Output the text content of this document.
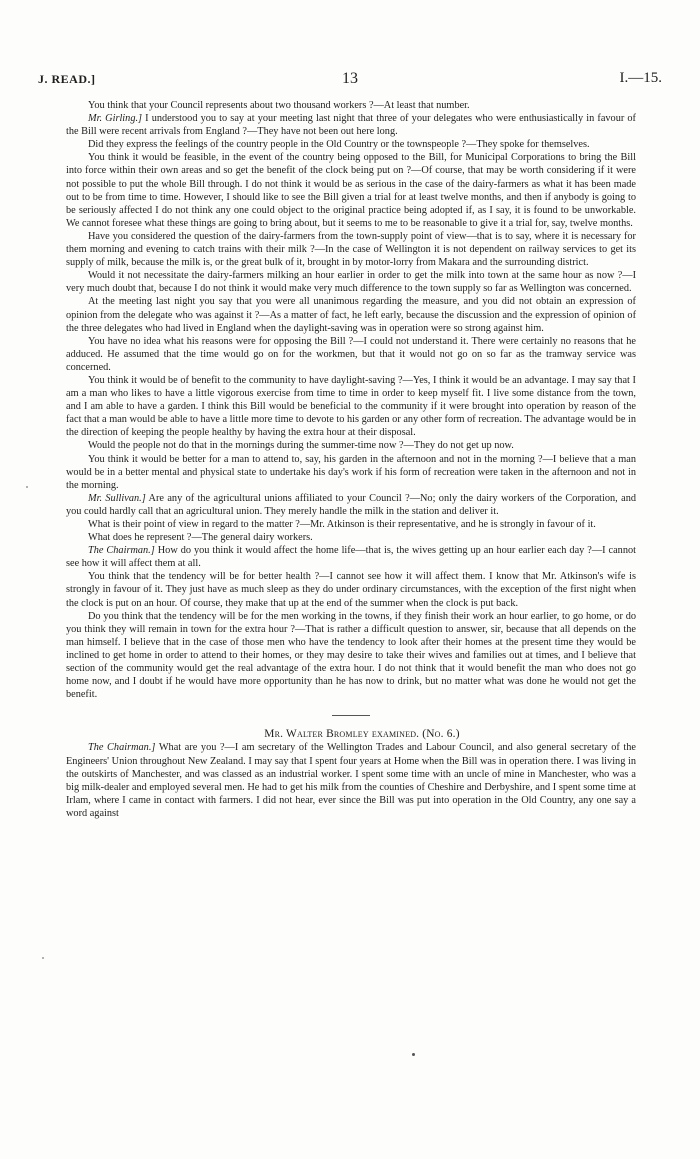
J. READ.]	13	I.—15.

You think that your Council represents about two thousand workers ?—At least that number.

Mr. Girling.] I understood you to say at your meeting last night that three of your delegates who were enthusiastically in favour of the Bill were recent arrivals from England ?—They have not been out here long.

Did they express the feelings of the country people in the Old Country or the townspeople ?—They spoke for themselves.

You think it would be feasible, in the event of the country being opposed to the Bill, for Municipal Corporations to bring the Bill into force within their own areas and so get the benefit of the clock being put on ?—Of course, that may be worth considering if it were not possible to put the whole Bill through. I do not think it would be as serious in the case of the dairy-farmers as what it has been made out to be from time to time. However, I should like to see the Bill given a trial for at least twelve months, and then if anybody is going to be seriously affected I do not think any one could object to the original practice being adopted if, as I say, it is found to be unworkable. We cannot foresee what these things are going to bring about, but it seems to me to be reasonable to give it a trial for, say, twelve months.

Have you considered the question of the dairy-farmers from the town-supply point of view—that is to say, where it is necessary for them morning and evening to catch trains with their milk ?—In the case of Wellington it is not dependent on railway services to get its supply of milk, because the milk is, or the great bulk of it, brought in by motor-lorry from Makara and the surrounding district.

Would it not necessitate the dairy-farmers milking an hour earlier in order to get the milk into town at the same hour as now ?—I very much doubt that, because I do not think it would make very much difference to the town supply so far as Wellington was concerned.

At the meeting last night you say that you were all unanimous regarding the measure, and you did not obtain an expression of opinion from the delegate who was against it ?—As a matter of fact, he left early, because the discussion and the expression of opinion of the three delegates who had lived in England when the daylight-saving was in operation were so strong against him.

You have no idea what his reasons were for opposing the Bill ?—I could not understand it. There were certainly no reasons that he adduced. He assumed that the time would go on for the workmen, but that it would not go on so far as the tramway service was concerned.

You think it would be of benefit to the community to have daylight-saving ?—Yes, I think it would be an advantage. I may say that I am a man who likes to have a little vigorous exercise from time to time in order to keep myself fit. I live some distance from the town, and I am able to have a garden. I think this Bill would be beneficial to the community if it were brought into operation by reason of the fact that a man would be able to have a little more time to devote to his garden or any other form of recreation. The advantage would be in the direction of keeping the people healthy by having the extra hour at their disposal.

Would the people not do that in the mornings during the summer-time now ?—They do not get up now.

You think it would be better for a man to attend to, say, his garden in the afternoon and not in the morning ?—I believe that a man would be in a better mental and physical state to undertake his day's work if his form of recreation were taken in the afternoon and not in the morning.

Mr. Sullivan.] Are any of the agricultural unions affiliated to your Council ?—No; only the dairy workers of the Corporation, and you could hardly call that an agricultural union. They merely handle the milk in the station and deliver it.

What is their point of view in regard to the matter ?—Mr. Atkinson is their representative, and he is strongly in favour of it.

What does he represent ?—The general dairy workers.

The Chairman.] How do you think it would affect the home life—that is, the wives getting up an hour earlier each day ?—I cannot see how it will affect them at all.

You think that the tendency will be for better health ?—I cannot see how it will affect them. I know that Mr. Atkinson's wife is strongly in favour of it. They just have as much sleep as they do under ordinary circumstances, with the exception of the first night when the clock is put on an hour. Of course, they make that up at the end of the summer when the clock is put back.

Do you think that the tendency will be for the men working in the towns, if they finish their work an hour earlier, to go home, or do you think they will remain in town for the extra hour ?—That is rather a difficult question to answer, sir, because that all depends on the man himself. I believe that in the case of those men who have the tendency to look after their homes at the present time they would be inclined to get home in order to attend to their homes, or they may desire to take their wives and families out at times, and I believe that section of the community would get the real advantage of the extra hour. I do not think that it would benefit the man who does not go home now, and I doubt if he would have more opportunity than he has now to drink, but no matter what was done he would not get the benefit.

Mr. Walter Bromley examined. (No. 6.)

The Chairman.] What are you ?—I am secretary of the Wellington Trades and Labour Council, and also general secretary of the Engineers' Union throughout New Zealand. I may say that I spent four years at Home when the Bill was in operation there. I was living in the outskirts of Manchester, and was classed as an industrial worker. I spent some time with an uncle of mine in Manchester, who was a big milk-dealer and employed several men. He had to get his milk from the counties of Cheshire and Derbyshire, and I spent some time at Irlam, where I came in contact with farmers. I did not hear, ever since the Bill was put into operation in the Old Country, any one say a word against
